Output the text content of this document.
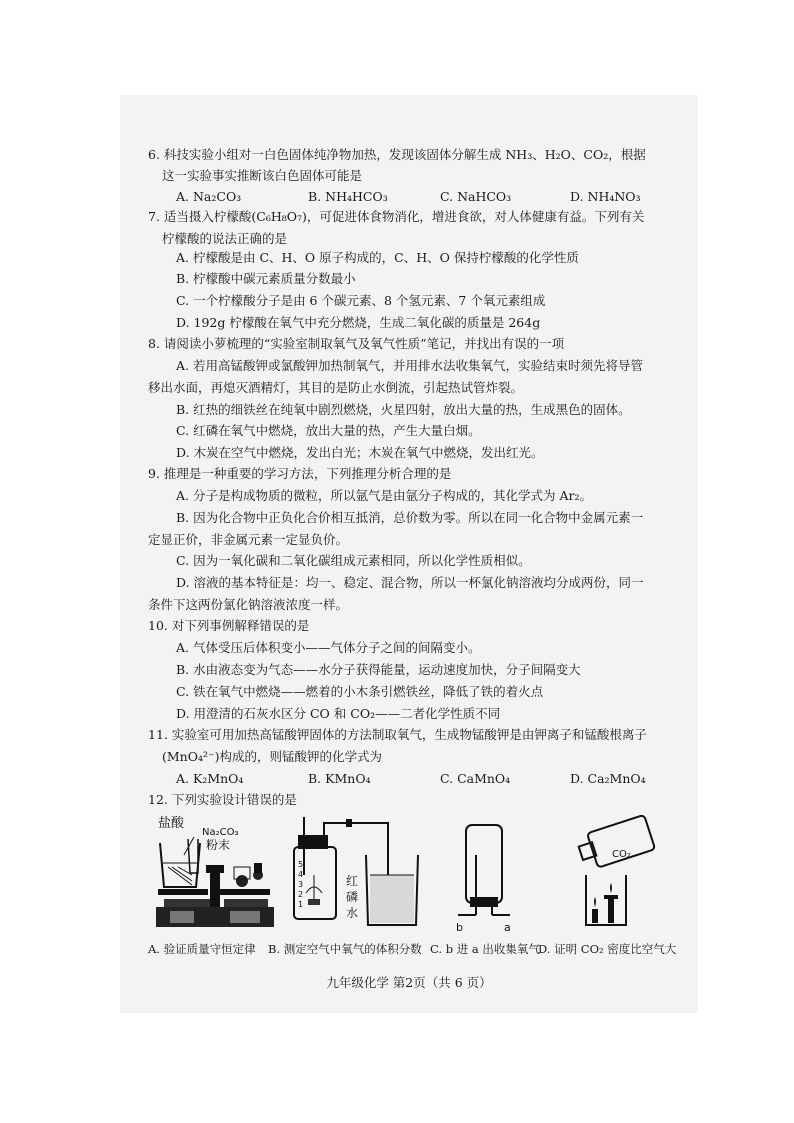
6. 科技实验小组对一白色固体纯净物加热，发现该固体分解生成 NH₃、H₂O、CO₂，根据
这一实验事实推断该白色固体可能是
A. Na₂CO₃	B. NH₄HCO₃	C. NaHCO₃	D. NH₄NO₃
7. 适当摄入柠檬酸(C₆H₈O₇)，可促进体食物消化，增进食欲，对人体健康有益。下列有关
柠檬酸的说法正确的是
A. 柠檬酸是由 C、H、O 原子构成的，C、H、O 保持柠檬酸的化学性质
B. 柠檬酸中碳元素质量分数最小
C. 一个柠檬酸分子是由 6 个碳元素、8 个氢元素、7 个氧元素组成
D. 192g 柠檬酸在氧气中充分燃烧，生成二氧化碳的质量是 264g
8. 请阅读小萝梳理的“实验室制取氧气及氧气性质”笔记，并找出有误的一项
A. 若用高锰酸钾或氯酸钾加热制氧气，并用排水法收集氧气，实验结束时须先将导管
移出水面，再熄灭酒精灯，其目的是防止水倒流，引起热试管炸裂。
B. 红热的细铁丝在纯氧中剧烈燃烧，火星四射，放出大量的热，生成黑色的固体。
C. 红磷在氧气中燃烧，放出大量的热，产生大量白烟。
D. 木炭在空气中燃烧，发出白光；木炭在氧气中燃烧，发出红光。
9. 推理是一种重要的学习方法，下列推理分析合理的是
A. 分子是构成物质的微粒，所以氩气是由氩分子构成的，其化学式为 Ar₂。
B. 因为化合物中正负化合价相互抵消，总价数为零。所以在同一化合物中金属元素一
定显正价，非金属元素一定显负价。
C. 因为一氧化碳和二氧化碳组成元素相同，所以化学性质相似。
D. 溶液的基本特征是：均一、稳定、混合物，所以一杯氯化钠溶液均分成两份，同一
条件下这两份氯化钠溶液浓度一样。
10. 对下列事例解释错误的是
A. 气体受压后体积变小——气体分子之间的间隔变小。
B. 水由液态变为气态——水分子获得能量，运动速度加快，分子间隔变大
C. 铁在氧气中燃烧——燃着的小木条引燃铁丝，降低了铁的着火点
D. 用澄清的石灰水区分 CO 和 CO₂——二者化学性质不同
11. 实验室可用加热高锰酸钾固体的方法制取氧气，生成物锰酸钾是由钾离子和锰酸根离子
(MnO₄²⁻)构成的，则锰酸钾的化学式为
A. K₂MnO₄	B. KMnO₄	C. CaMnO₄	D. Ca₂MnO₄
12. 下列实验设计错误的是
盐酸
Na₂CO₃
粉末
5
4
3
2
1
红
磷
水
b	a
CO₂
A. 验证质量守恒定律 B. 测定空气中氧气的体积分数 C. b 进 a 出收集氧气
D. 证明 CO₂ 密度比空气大
九年级化学 第2页（共 6 页）
